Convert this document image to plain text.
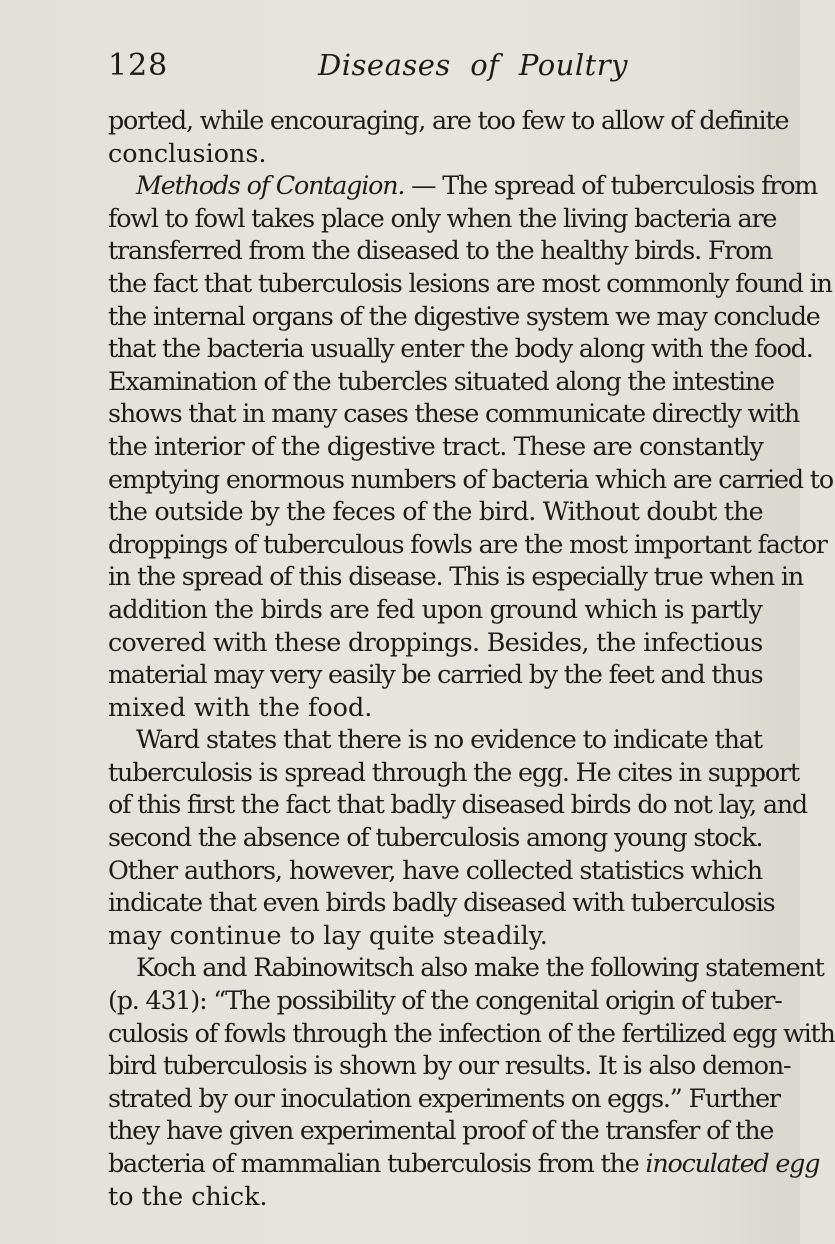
128	Diseases  of  Poultry
ported, while encouraging, are too few to allow of definite
conclusions.
Methods of Contagion. — The spread of tuberculosis from
fowl to fowl takes place only when the living bacteria are
transferred from the diseased to the healthy birds. From
the fact that tuberculosis lesions are most commonly found in
the internal organs of the digestive system we may conclude
that the bacteria usually enter the body along with the food.
Examination of the tubercles situated along the intestine
shows that in many cases these communicate directly with
the interior of the digestive tract. These are constantly
emptying enormous numbers of bacteria which are carried to
the outside by the feces of the bird. Without doubt the
droppings of tuberculous fowls are the most important factor
in the spread of this disease. This is especially true when in
addition the birds are fed upon ground which is partly
covered with these droppings. Besides, the infectious
material may very easily be carried by the feet and thus
mixed with the food.
Ward states that there is no evidence to indicate that
tuberculosis is spread through the egg. He cites in support
of this first the fact that badly diseased birds do not lay, and
second the absence of tuberculosis among young stock.
Other authors, however, have collected statistics which
indicate that even birds badly diseased with tuberculosis
may continue to lay quite steadily.
Koch and Rabinowitsch also make the following statement
(p. 431): “The possibility of the congenital origin of tuber-
culosis of fowls through the infection of the fertilized egg with
bird tuberculosis is shown by our results. It is also demon-
strated by our inoculation experiments on eggs.” Further
they have given experimental proof of the transfer of the
bacteria of mammalian tuberculosis from the inoculated egg
to the chick.
